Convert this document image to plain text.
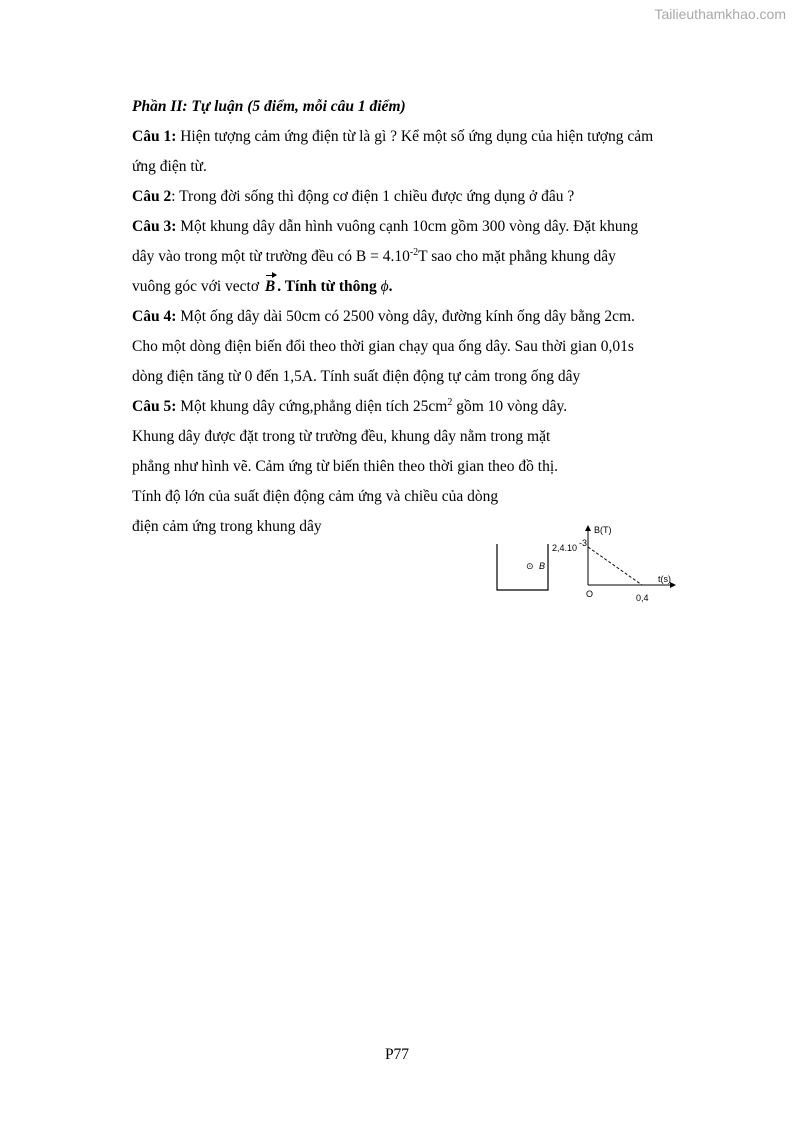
Tailieuthamkhao.com
Phần II: Tự luận (5 điểm, mỗi câu 1 điểm)
Câu 1: Hiện tượng cảm ứng điện từ là gì ? Kể một số ứng dụng của hiện tượng cảm
ứng điện từ.
Câu 2: Trong đời sống thì động cơ điện 1 chiều được ứng dụng ở đâu ?
Câu 3: Một khung dây dẫn hình vuông cạnh 10cm gồm 300 vòng dây. Đặt khung
dây vào trong một từ trường đều có $B = 4.10^{-2}T$ sao cho mặt phẳng khung dây
vuông góc với vectơ B . Tính từ thông ϕ.
Câu 4: Một ống dây dài 50cm có 2500 vòng dây, đường kính ống dây bằng 2cm.
Cho một dòng điện biến đổi theo thời gian chạy qua ống dây. Sau thời gian 0,01s
dòng điện tăng từ 0 đến 1,5A. Tính suất điện động tự cảm trong ống dây
Câu 5: Một khung dây cứng,phẳng diện tích $25cm^2$ gồm 10 vòng dây.
Khung dây được đặt trong từ trường đều, khung dây nằm trong mặt
phẳng như hình vẽ. Cảm ứng từ biến thiên theo thời gian theo đồ thị.
Tính độ lớn của suất điện động cảm ứng và chiều của dòng
điện cảm ứng trong khung dây
⊙ B
B(T)
2,4.10 -3
t(s)
O	0,4
P77
